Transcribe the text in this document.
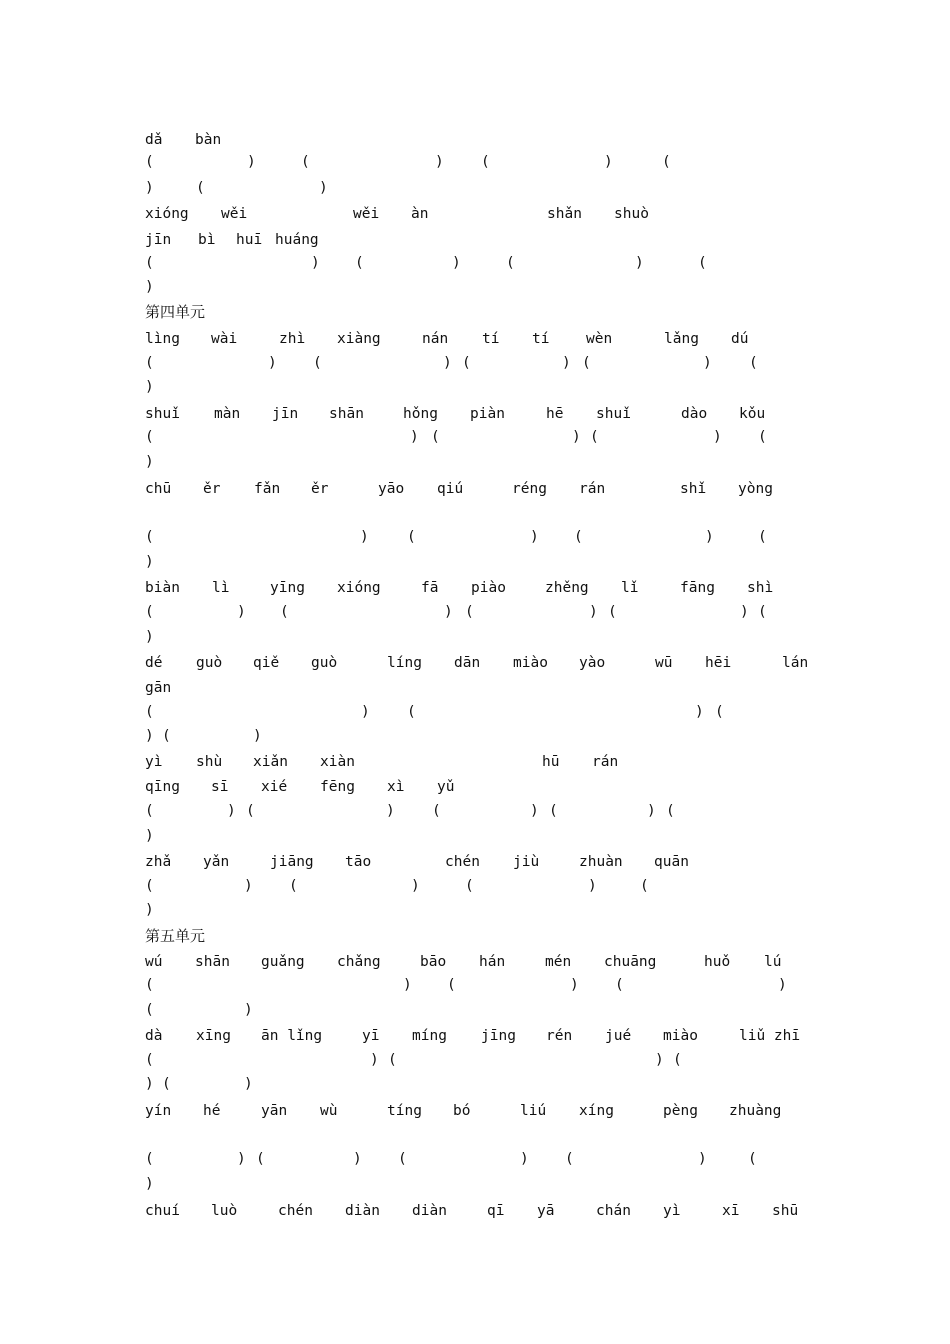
dǎ bàn
(	)	(	)	(	)	(
)	(	)
xióng wěi	wěi àn	shǎn shuò
jīn bì huī huáng
(	) (	)	(	)	(
)
第四单元
lìng wài	zhì xiàng	nán tí tí	wèn	lǎng dú
(	)	(	) (	) (	)	(
)
shuǐ màn jīn shān	hǒng piàn	hē shuǐ	dào kǒu
(	) (	) (	)	(
)
chū ěr fǎn ěr	yāo qiú	réng rán	shǐ yòng
(	)	(	) (	)	(
)
biàn lì	yīng xióng	fā piào	zhěng lǐ	fāng shì
(	) (	) (	) (	) (
)
dé guò qiě guò	líng dān miào yào	wū hēi	lán
gān
(	)	(	) (
) (	)
yì shù xiǎn xiàn	hū rán
qīng sī xié fēng xì yǔ
(	) (	)	(	) (	) (
)
zhǎ yǎn	jiāng tāo	chén jiù	zhuàn quān
(	)	(	)	(	)	(
)
第五单元
wú shān guǎng chǎng	bāo hán	mén chuāng	huǒ lú
(	) (	)	(	)
(	)
dà xīng ān lǐng	yī míng jīng rén jué miào	liǔ zhī
(	) (	) (
) (	)
yín hé	yān wù	tíng bó	liú xíng	pèng zhuàng
(	) (	)	(	)	(	)	(
)
chuí luò	chén diàn diàn	qī yā	chán yì	xī shū
